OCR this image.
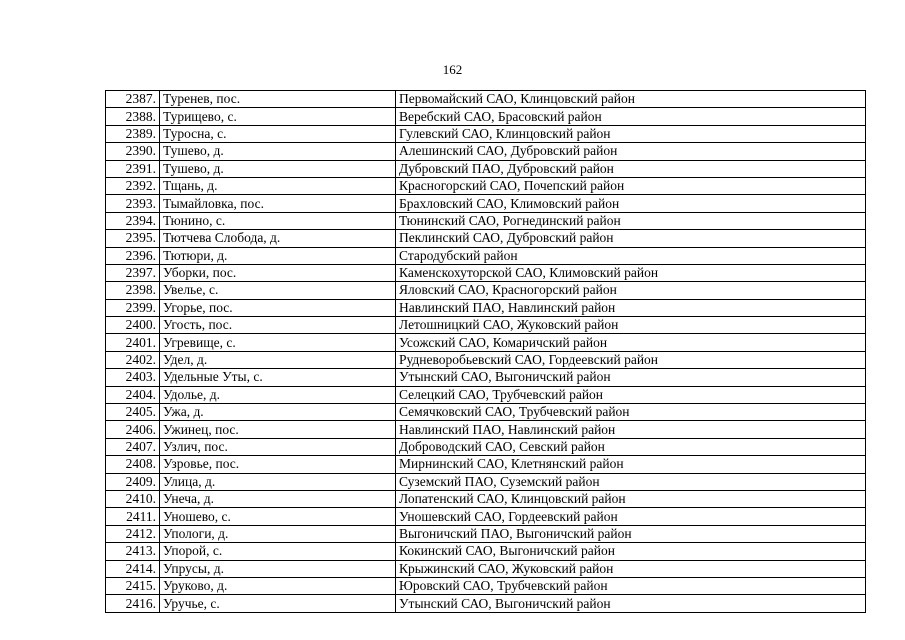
162
2387.	Туренев, пос.	Первомайский САО, Клинцовский район
2388.	Турищево, с.	Веребский САО, Брасовский район
2389.	Туросна, с.	Гулевский САО, Клинцовский район
2390.	Тушево, д.	Алешинский САО, Дубровский район
2391.	Тушево, д.	Дубровский ПАО, Дубровский район
2392.	Тщань, д.	Красногорский САО, Почепский район
2393.	Тымайловка, пос.	Брахловский САО, Климовский район
2394.	Тюнино, с.	Тюнинский САО, Рогнединский район
2395.	Тютчева Слобода, д.	Пеклинский САО, Дубровский район
2396.	Тютюри, д.	Стародубский район
2397.	Уборки, пос.	Каменскохуторской САО, Климовский район
2398.	Увелье, с.	Яловский САО, Красногорский район
2399.	Угорье, пос.	Навлинский ПАО, Навлинский район
2400.	Угость, пос.	Летошницкий САО, Жуковский район
2401.	Угревище, с.	Усожский САО, Комаричский район
2402.	Удел, д.	Рудневоробьевский САО, Гордеевский район
2403.	Удельные Уты, с.	Утынский САО, Выгоничский район
2404.	Удолье, д.	Селецкий САО, Трубчевский район
2405.	Ужа, д.	Семячковский САО, Трубчевский район
2406.	Ужинец, пос.	Навлинский ПАО, Навлинский район
2407.	Узлич, пос.	Доброводский САО, Севский район
2408.	Узровье, пос.	Мирнинский САО, Клетнянский район
2409.	Улица, д.	Суземский ПАО, Суземский район
2410.	Унеча, д.	Лопатенский САО, Клинцовский район
2411.	Уношево, с.	Уношевский САО, Гордеевский район
2412.	Упологи, д.	Выгоничский ПАО, Выгоничский район
2413.	Упорой, с.	Кокинский САО, Выгоничский район
2414.	Упрусы, д.	Крыжинский САО, Жуковский район
2415.	Уруково, д.	Юровский САО, Трубчевский район
2416.	Уручье, с.	Утынский САО, Выгоничский район
